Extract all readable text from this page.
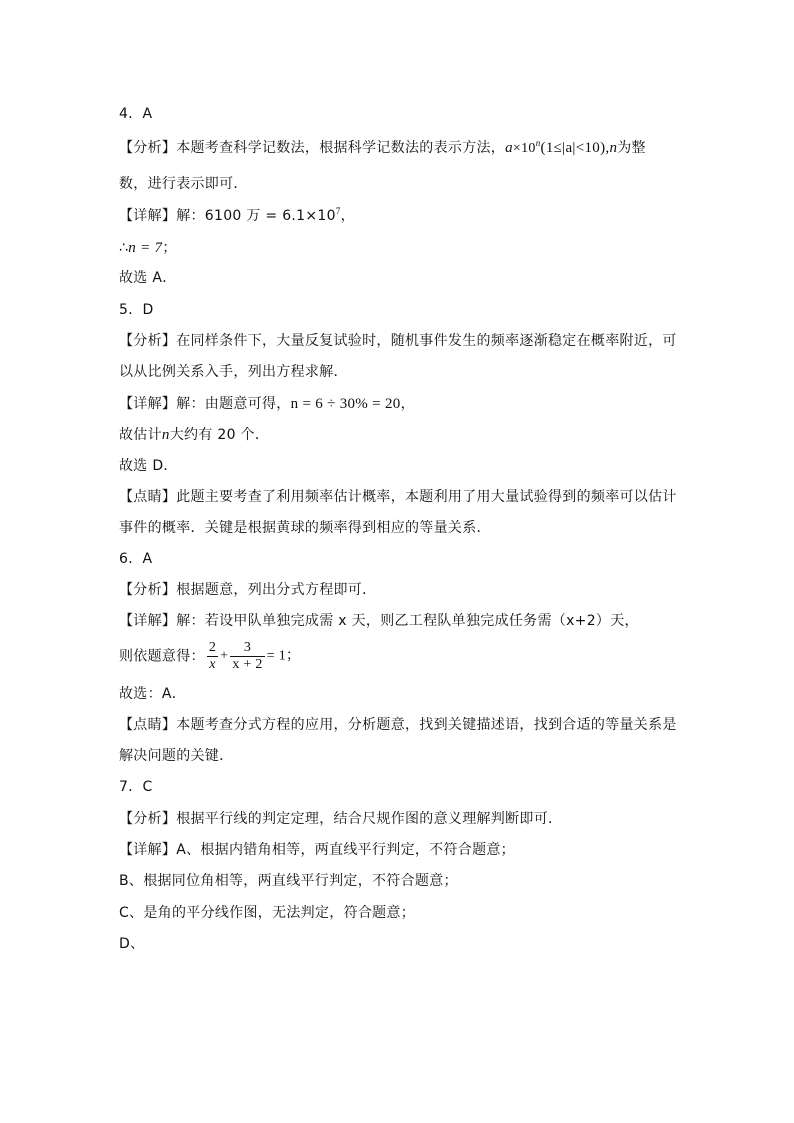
4．A
【分析】本题考查科学记数法，根据科学记数法的表示方法，$a\times 10^n(1\le|a|<10),n$为整
数，进行表示即可．
【详解】解：6100 万 = $6.1\times 10^7$，
∴n = 7；
故选 A．
5．D
【分析】在同样条件下，大量反复试验时，随机事件发生的频率逐渐稳定在概率附近，可
以从比例关系入手，列出方程求解．
【详解】解：由题意可得，n = 6 ÷ 30% = 20，
故估计n大约有 20 个．
故选 D．
【点睛】此题主要考查了利用频率估计概率，本题利用了用大量试验得到的频率可以估计
事件的概率．关键是根据黄球的频率得到相应的等量关系．
6．A
【分析】根据题意，列出分式方程即可．
【详解】解：若设甲队单独完成需 x 天，则乙工程队单独完成任务需（x+2）天，
则依题意得： $\frac{2}{x} + \frac{3}{x + 2} = 1$；
故选：A．
【点睛】本题考查分式方程的应用，分析题意，找到关键描述语，找到合适的等量关系是
解决问题的关键．
7．C
【分析】根据平行线的判定定理，结合尺规作图的意义理解判断即可．
【详解】A、根据内错角相等，两直线平行判定，不符合题意；
B、根据同位角相等，两直线平行判定，不符合题意；
C、是角的平分线作图，无法判定，符合题意；
D、
